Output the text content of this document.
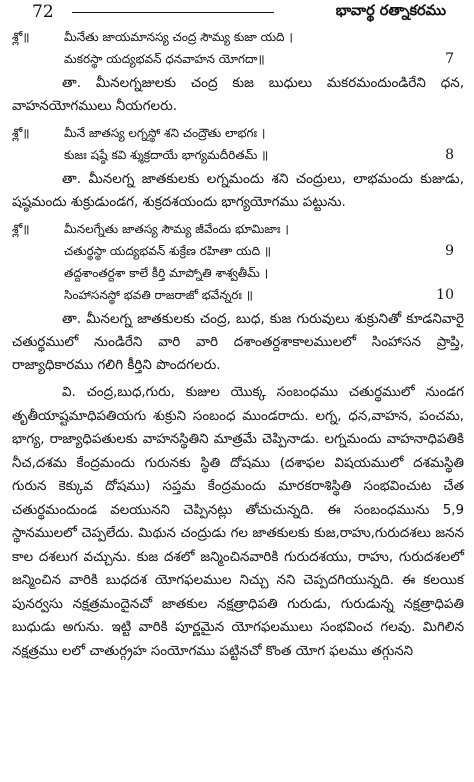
72	భావార్థ రత్నాకరము
శ్లో॥	మీనేతు జాయమానస్య చంద్ర సౌమ్య కుజా యది ।
మకరస్థా యద్యభవన్ ధనవాహన యోగదా॥	7

తా. మీనలగ్నజులకు చంద్ర కుజ బుధులు మకరమందుండిరేని ధన, వాహనయోగములు నీయగలరు.

శ్లో॥	మీనే జాతస్య లగ్నస్థో శని చంద్రౌతు లాభగః ।
కుజః షష్ఠే కవి శ్శుక్రదాయే భాగ్యమదీరితమ్ ॥	8

తా. మీనలగ్న జాతకులకు లగ్నమందు శని చంద్రులు, లాభమందు కుజుడు, షష్ఠమందు శుక్రుడుండగ, శుక్రదశయందు భాగ్యయోగము పట్టును.

శ్లో॥	మీనలగ్నేతు జాతస్య సౌమ్య జీవేందు భూమిజాః ।
చతుర్థస్థా యద్యభవన్ శుక్రేణ రహితా యది ॥	9
తద్దశాంతర్దశా కాలే కీర్తి మాప్నోతి శాశ్వతీమ్ ।
సింహాసనస్థో భవతి రాజరాజో భవేన్నరః ॥	10

తా. మీనలగ్న జాతకులకు చంద్ర, బుధ, కుజ గురువులు శుక్రునితో కూడనివారై చతుర్థములో నుండిరేని వారి వారి దశాంతర్దశాకాలములలో సింహాసన ప్రాప్తి, రాజ్యాధికారము గలిగి కీర్తిని పొందగలరు.

వి. చంద్ర,బుధ,గురు, కుజుల యొక్క సంబంధము చతుర్థములో నుండగ తృతీయాష్టమాధిపతియగు శుక్రుని సంబంధ ముండరాదు. లగ్న, ధన,వాహన, పంచమ, భాగ్య, రాజ్యాధిపతులకు వాహనస్థితిని మాత్రమే చెప్పినాడు. లగ్నమందు వాహనాధిపతికి నీచ,దశమ కేంద్రమందు గురునకు స్థితి దోషము (దశాఫల విషయములో దశమస్థితి గురున కెక్కువ దోషము) సప్తమ కేంద్రమందు మారకరాశిస్థితి సంభవించుట చేత చతుర్థమందుండ వలయునని చెప్పినట్లు తోచుచున్నది. ఈ సంబంధమును 5,9 స్థానములలో చెప్పలేదు. మిథున చంద్రుడు గల జాతకులకు కుజ,రాహు,గురుదశలు జనన కాల దశలుగ వచ్చును. కుజ దశలో జన్మించినవారికి గురుదశయు, రాహు, గురుదశలలో జన్మించిన వారికి బుధదశ యోగఫలముల నిచ్చు నని చెప్పదగియున్నది. ఈ కలయిక పునర్వసు నక్షత్రమందైనచో జాతకుల నక్షత్రాధిపతి గురుడు, గురుడున్న నక్షత్రాధిపతి బుధుడు అగును. ఇట్టి వారికి పూర్ణమైన యోగఫలములు సంభవించ గలవు. మిగిలిన నక్షత్రము లలో చాతుర్గ్రహ సంయోగము పట్టినచో కొంత యోగ ఫలము తగ్గునని
